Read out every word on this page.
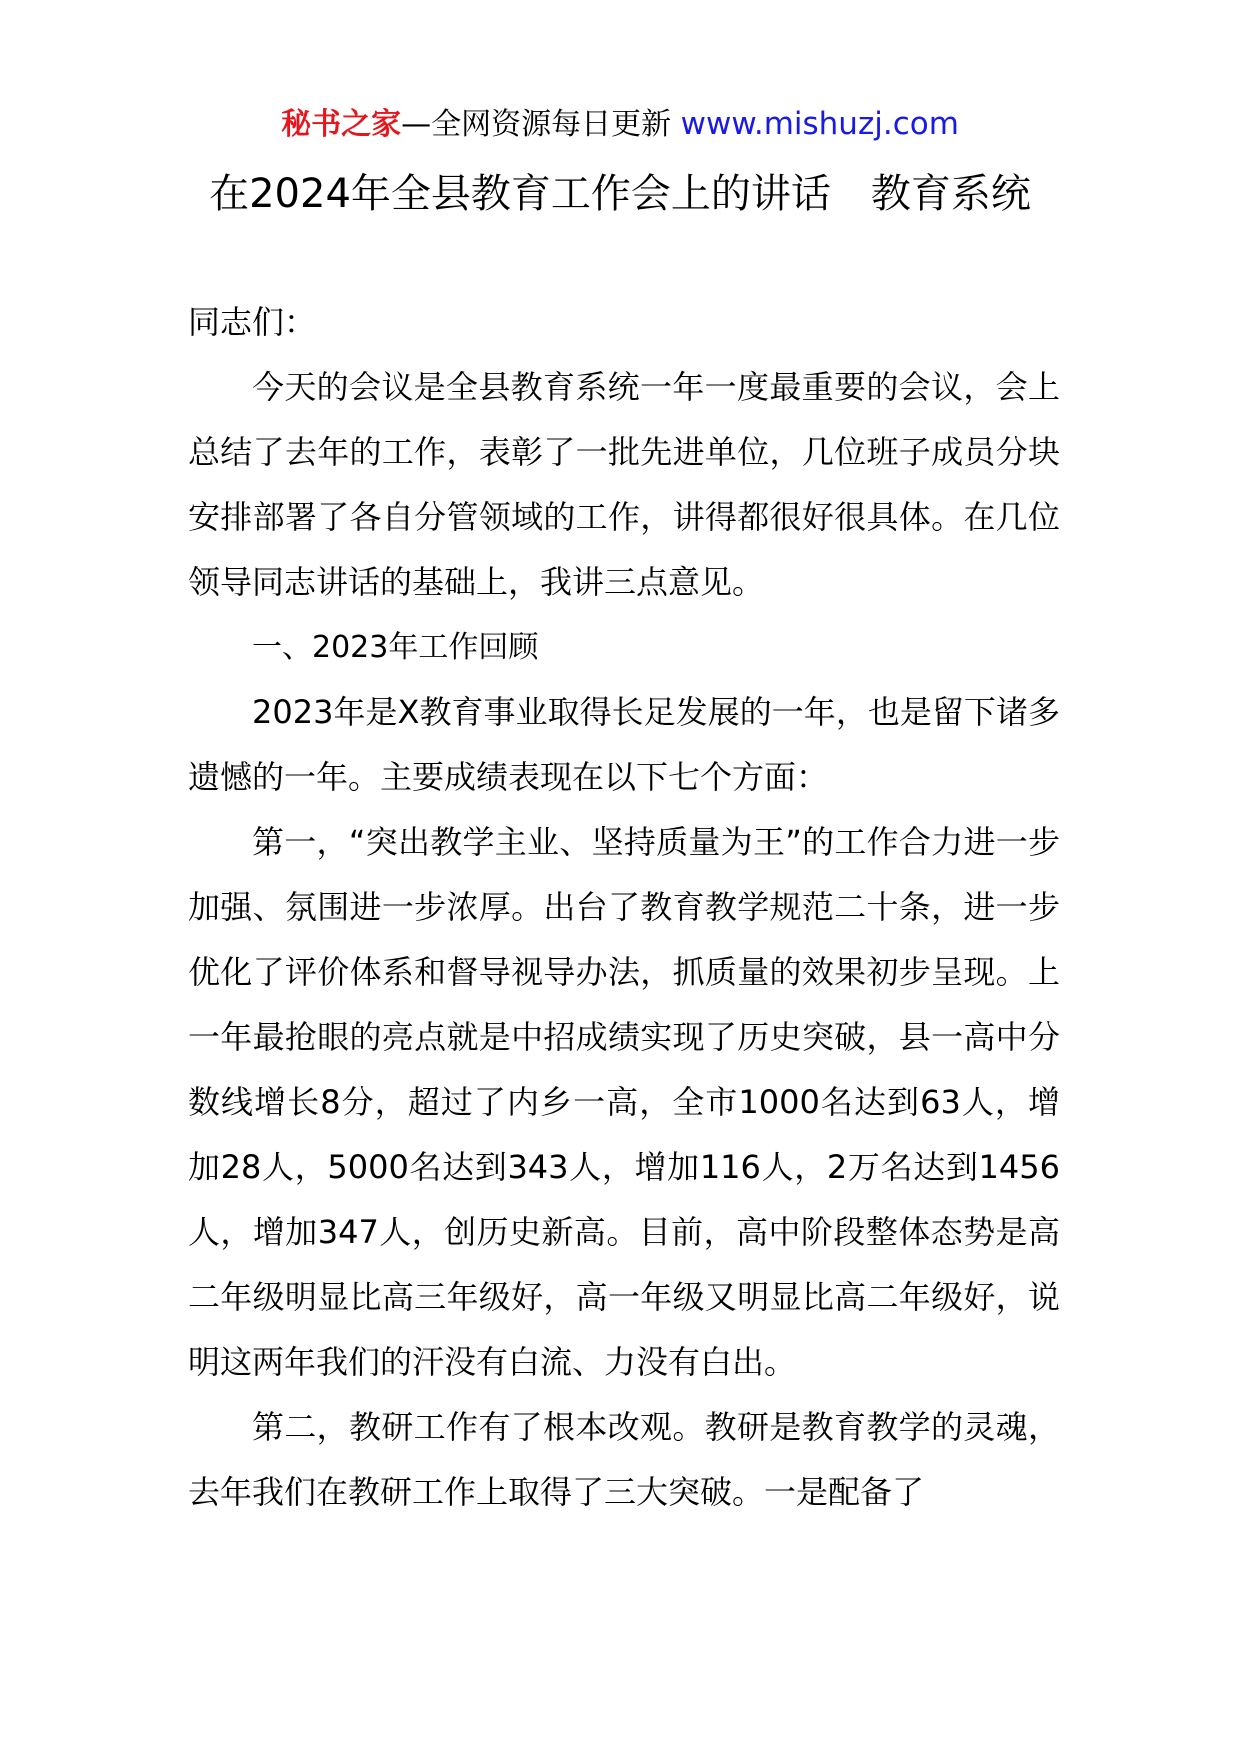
秘书之家—全网资源每日更新 www.mishuzj.com
在2024年全县教育工作会上的讲话　教育系统

同志们：

今天的会议是全县教育系统一年一度最重要的会议，会上总结了去年的工作，表彰了一批先进单位，几位班子成员分块安排部署了各自分管领域的工作，讲得都很好很具体。在几位领导同志讲话的基础上，我讲三点意见。

一、2023年工作回顾

2023年是X教育事业取得长足发展的一年，也是留下诸多遗憾的一年。主要成绩表现在以下七个方面：

第一，“突出教学主业、坚持质量为王”的工作合力进一步加强、氛围进一步浓厚。出台了教育教学规范二十条，进一步优化了评价体系和督导视导办法，抓质量的效果初步呈现。上一年最抢眼的亮点就是中招成绩实现了历史突破，县一高中分数线增长8分，超过了内乡一高，全市1000名达到63人，增加28人，5000名达到343人，增加116人，2万名达到1456人，增加347人，创历史新高。目前，高中阶段整体态势是高二年级明显比高三年级好，高一年级又明显比高二年级好，说明这两年我们的汗没有白流、力没有白出。

第二，教研工作有了根本改观。教研是教育教学的灵魂，去年我们在教研工作上取得了三大突破。一是配备了
